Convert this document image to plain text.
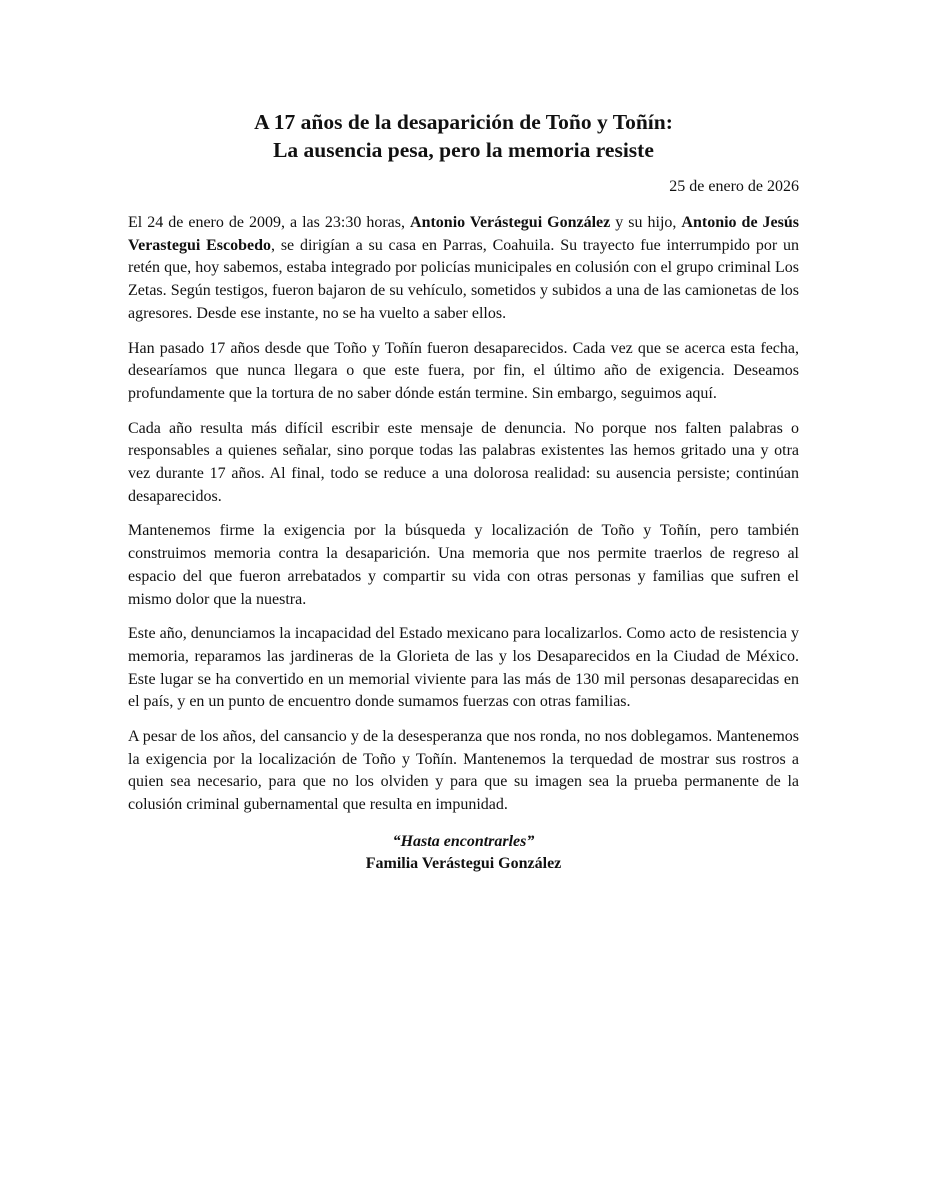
A 17 años de la desaparición de Toño y Toñín:
La ausencia pesa, pero la memoria resiste
25 de enero de 2026

El 24 de enero de 2009, a las 23:30 horas, Antonio Verástegui González y su hijo, Antonio de Jesús Verastegui Escobedo, se dirigían a su casa en Parras, Coahuila. Su trayecto fue interrumpido por un retén que, hoy sabemos, estaba integrado por policías municipales en colusión con el grupo criminal Los Zetas. Según testigos, fueron bajaron de su vehículo, sometidos y subidos a una de las camionetas de los agresores. Desde ese instante, no se ha vuelto a saber ellos.

Han pasado 17 años desde que Toño y Toñín fueron desaparecidos. Cada vez que se acerca esta fecha, desearíamos que nunca llegara o que este fuera, por fin, el último año de exigencia. Deseamos profundamente que la tortura de no saber dónde están termine. Sin embargo, seguimos aquí.

Cada año resulta más difícil escribir este mensaje de denuncia. No porque nos falten palabras o responsables a quienes señalar, sino porque todas las palabras existentes las hemos gritado una y otra vez durante 17 años. Al final, todo se reduce a una dolorosa realidad: su ausencia persiste; continúan desaparecidos.

Mantenemos firme la exigencia por la búsqueda y localización de Toño y Toñín, pero también construimos memoria contra la desaparición. Una memoria que nos permite traerlos de regreso al espacio del que fueron arrebatados y compartir su vida con otras personas y familias que sufren el mismo dolor que la nuestra.

Este año, denunciamos la incapacidad del Estado mexicano para localizarlos. Como acto de resistencia y memoria, reparamos las jardineras de la Glorieta de las y los Desaparecidos en la Ciudad de México. Este lugar se ha convertido en un memorial viviente para las más de 130 mil personas desaparecidas en el país, y en un punto de encuentro donde sumamos fuerzas con otras familias.

A pesar de los años, del cansancio y de la desesperanza que nos ronda, no nos doblegamos. Mantenemos la exigencia por la localización de Toño y Toñín. Mantenemos la terquedad de mostrar sus rostros a quien sea necesario, para que no los olviden y para que su imagen sea la prueba permanente de la colusión criminal gubernamental que resulta en impunidad.

“Hasta encontrarles”
Familia Verástegui González
